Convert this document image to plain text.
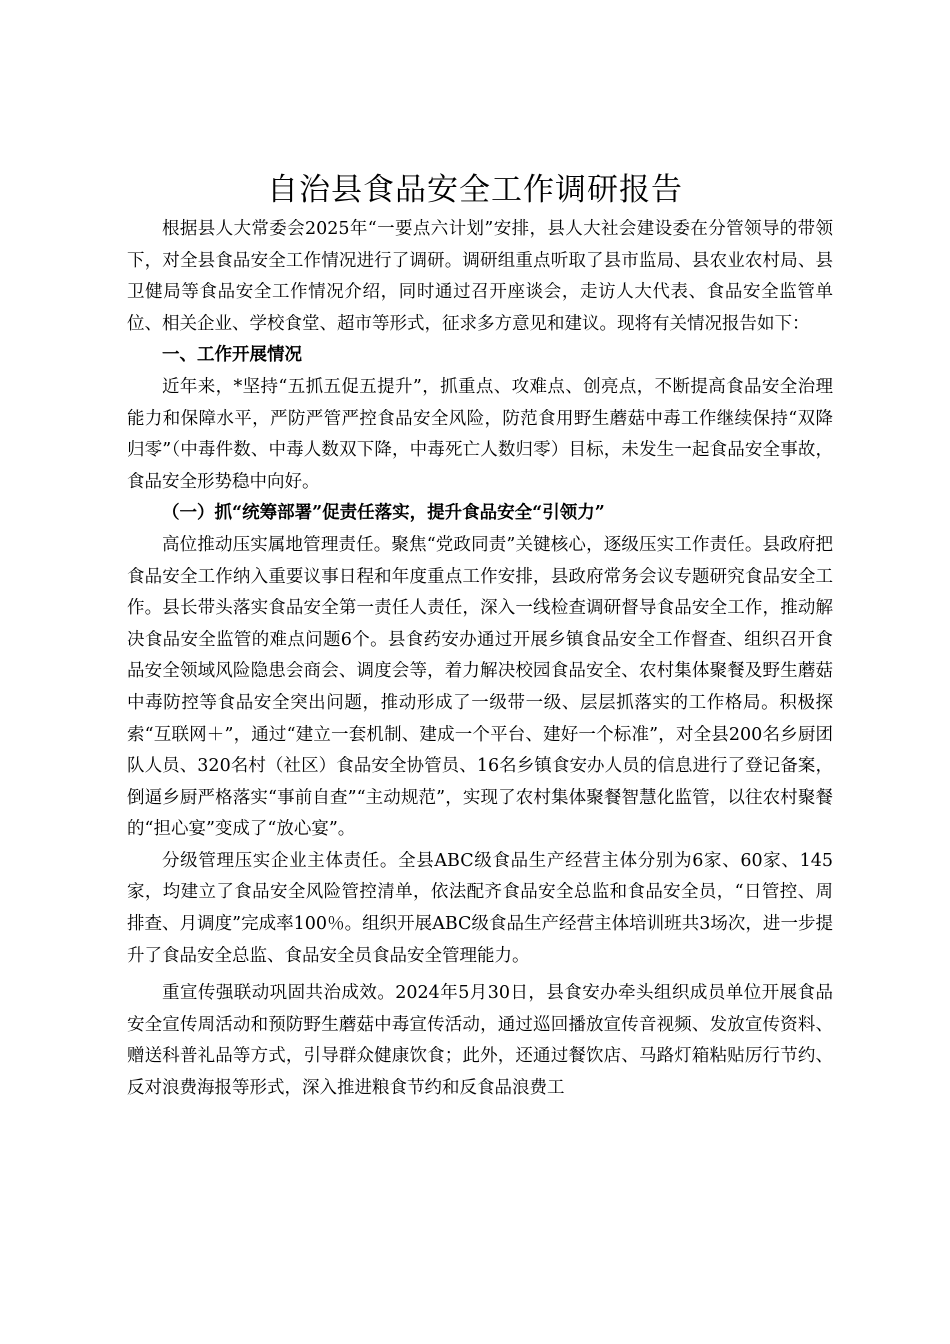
自治县食品安全工作调研报告

根据县人大常委会2025年“一要点六计划”安排，县人大社会建设委在分管领导的带领下，对全县食品安全工作情况进行了调研。调研组重点听取了县市监局、县农业农村局、县卫健局等食品安全工作情况介绍，同时通过召开座谈会，走访人大代表、食品安全监管单位、相关企业、学校食堂、超市等形式，征求多方意见和建议。现将有关情况报告如下：

一、工作开展情况

近年来，*坚持“五抓五促五提升”，抓重点、攻难点、创亮点，不断提高食品安全治理能力和保障水平，严防严管严控食品安全风险，防范食用野生蘑菇中毒工作继续保持“双降归零”（中毒件数、中毒人数双下降，中毒死亡人数归零）目标，未发生一起食品安全事故，食品安全形势稳中向好。

（一）抓“统筹部署”促责任落实，提升食品安全“引领力”

高位推动压实属地管理责任。聚焦“党政同责”关键核心，逐级压实工作责任。县政府把食品安全工作纳入重要议事日程和年度重点工作安排，县政府常务会议专题研究食品安全工作。县长带头落实食品安全第一责任人责任，深入一线检查调研督导食品安全工作，推动解决食品安全监管的难点问题6个。县食药安办通过开展乡镇食品安全工作督查、组织召开食品安全领域风险隐患会商会、调度会等，着力解决校园食品安全、农村集体聚餐及野生蘑菇中毒防控等食品安全突出问题，推动形成了一级带一级、层层抓落实的工作格局。积极探索“互联网＋”，通过“建立一套机制、建成一个平台、建好一个标准”，对全县200名乡厨团队人员、320名村（社区）食品安全协管员、16名乡镇食安办人员的信息进行了登记备案，倒逼乡厨严格落实“事前自查”“主动规范”，实现了农村集体聚餐智慧化监管，以往农村聚餐的“担心宴”变成了“放心宴”。

分级管理压实企业主体责任。全县ABC级食品生产经营主体分别为6家、60家、145家，均建立了食品安全风险管控清单，依法配齐食品安全总监和食品安全员，“日管控、周排查、月调度”完成率100％。组织开展ABC级食品生产经营主体培训班共3场次，进一步提升了食品安全总监、食品安全员食品安全管理能力。

重宣传强联动巩固共治成效。2024年5月30日，县食安办牵头组织成员单位开展食品安全宣传周活动和预防野生蘑菇中毒宣传活动，通过巡回播放宣传音视频、发放宣传资料、赠送科普礼品等方式，引导群众健康饮食；此外，还通过餐饮店、马路灯箱粘贴厉行节约、反对浪费海报等形式，深入推进粮食节约和反食品浪费工
